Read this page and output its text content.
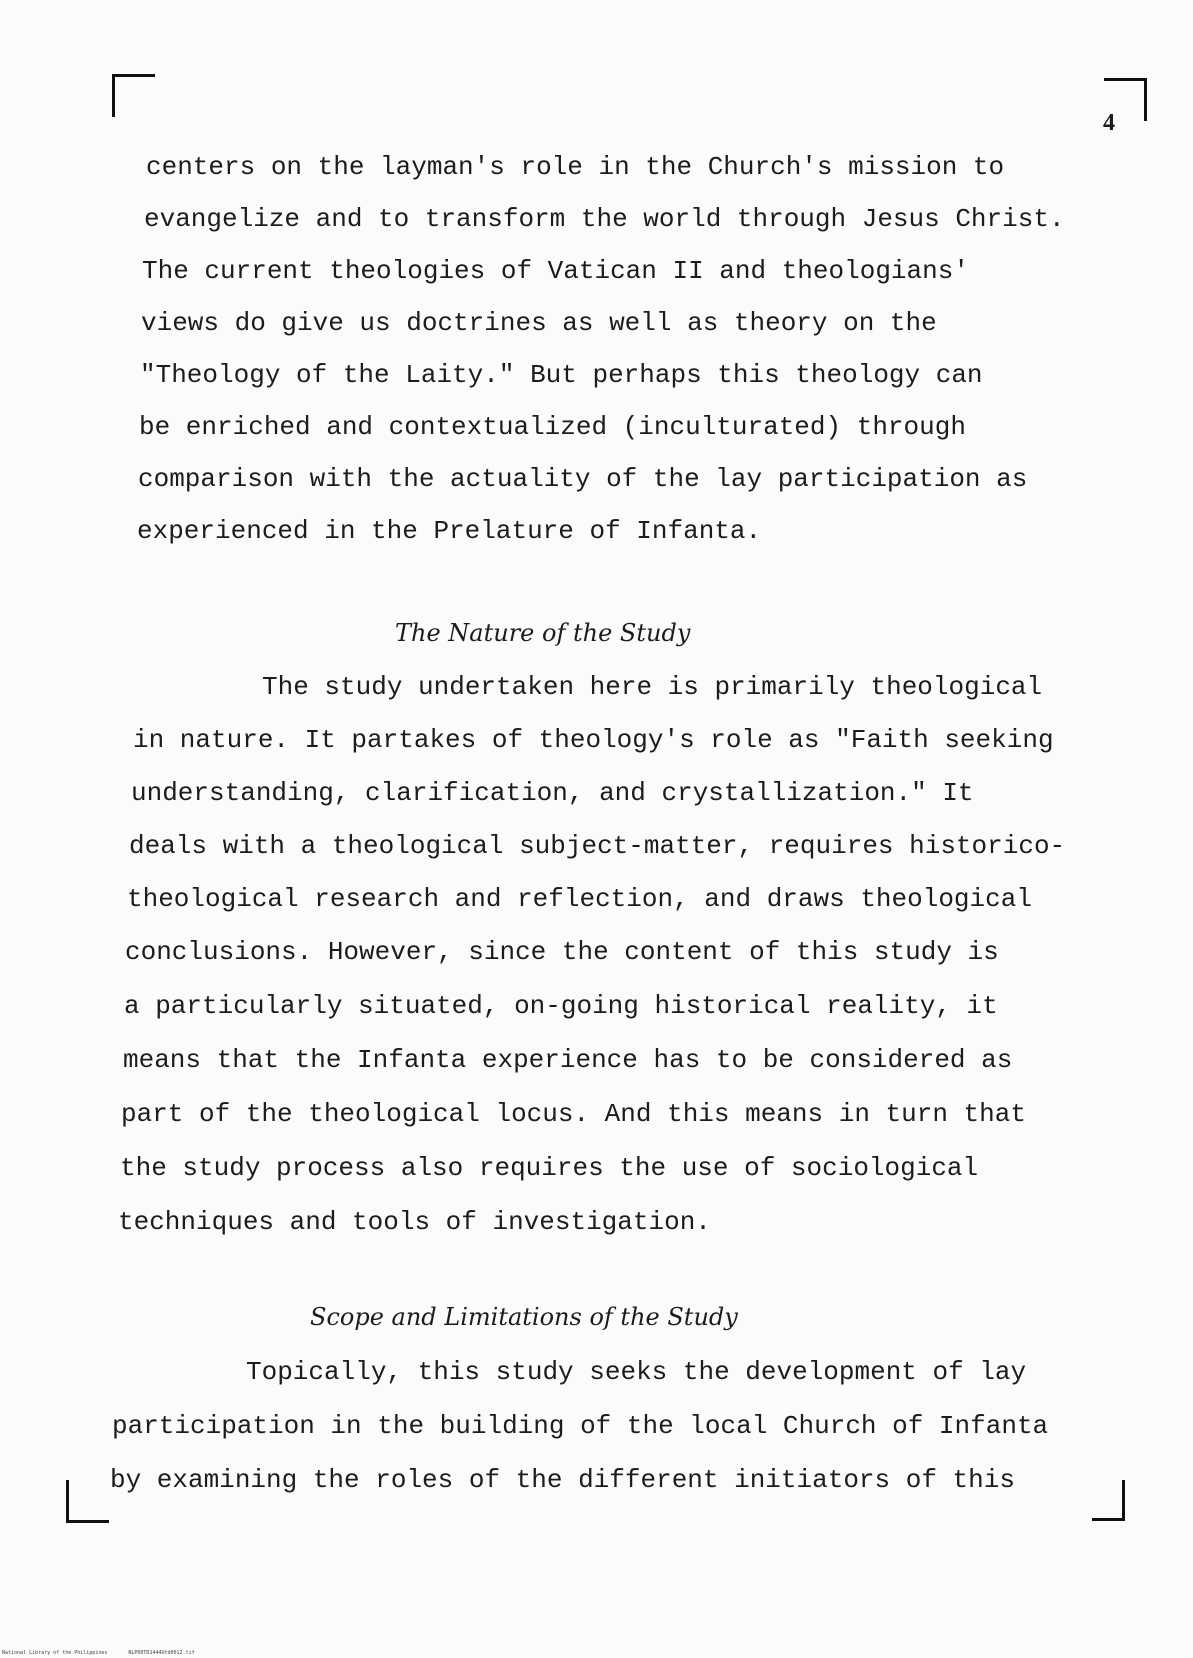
4

centers on the layman's role in the Church's mission to

evangelize and to transform the world through Jesus Christ.

The current theologies of Vatican II and theologians'

views do give us doctrines as well as theory on the

"Theology of the Laity." But perhaps this theology can

be enriched and contextualized (inculturated) through

comparison with the actuality of the lay participation as

experienced in the Prelature of Infanta.

The Nature of the Study

The study undertaken here is primarily theological

in nature. It partakes of theology's role as "Faith seeking

understanding, clarification, and crystallization." It

deals with a theological subject-matter, requires historico-

theological research and reflection, and draws theological

conclusions. However, since the content of this study is

a particularly situated, on-going historical reality, it

means that the Infanta experience has to be considered as

part of the theological locus. And this means in turn that

the study process also requires the use of sociological

techniques and tools of investigation.

Scope and Limitations of the Study

Topically, this study seeks the development of lay

participation in the building of the local Church of Infanta

by examining the roles of the different initiators of this

National Library of the Philippines	NLP00TD1444Utd0012.tif
